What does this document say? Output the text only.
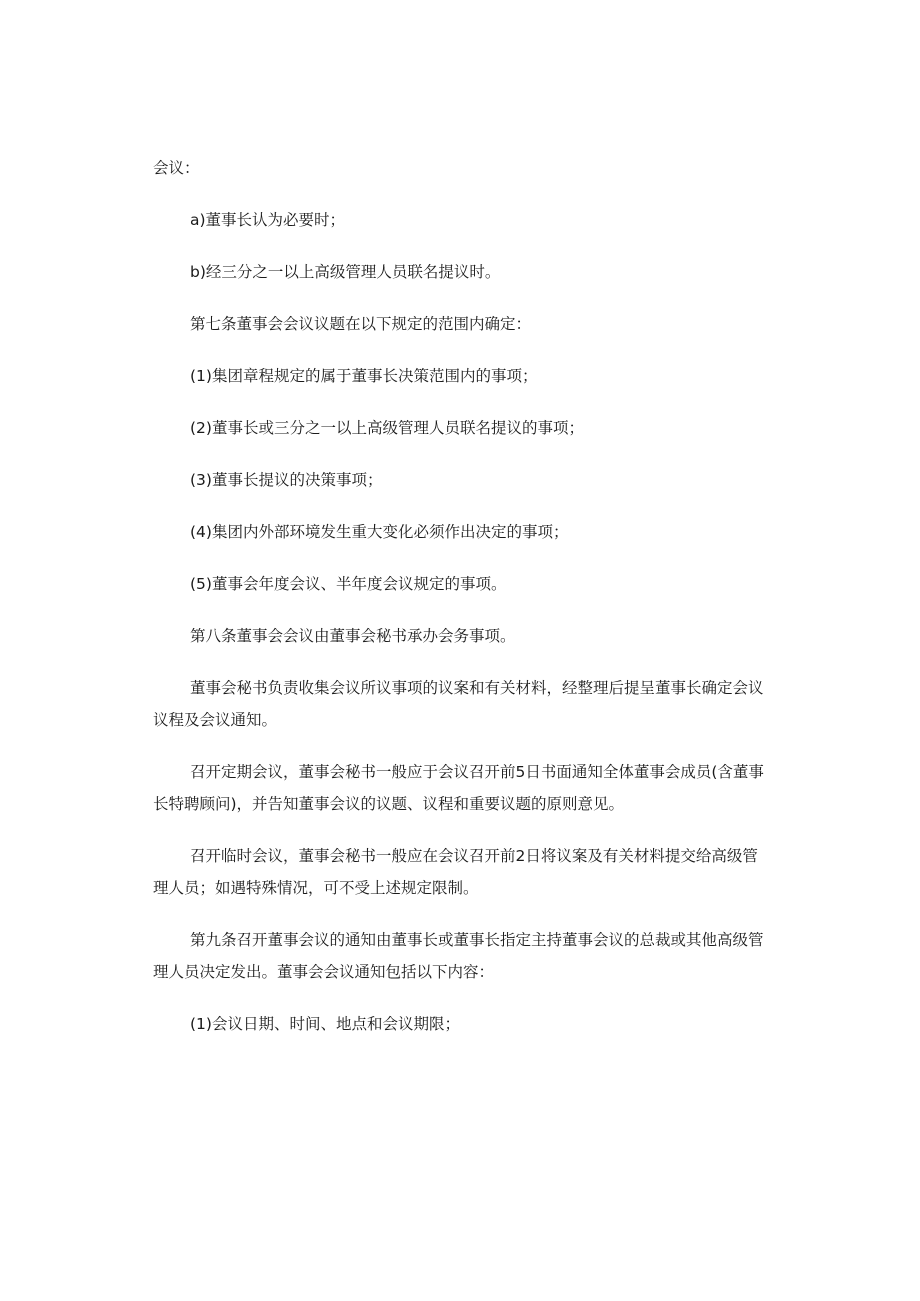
会议：

a)董事长认为必要时；

b)经三分之一以上高级管理人员联名提议时。

第七条董事会会议议题在以下规定的范围内确定：

(1)集团章程规定的属于董事长决策范围内的事项；

(2)董事长或三分之一以上高级管理人员联名提议的事项；

(3)董事长提议的决策事项；

(4)集团内外部环境发生重大变化必须作出决定的事项；

(5)董事会年度会议、半年度会议规定的事项。

第八条董事会会议由董事会秘书承办会务事项。

董事会秘书负责收集会议所议事项的议案和有关材料，经整理后提呈董事长确定会议议程及会议通知。

召开定期会议，董事会秘书一般应于会议召开前5日书面通知全体董事会成员(含董事长特聘顾问)，并告知董事会议的议题、议程和重要议题的原则意见。

召开临时会议，董事会秘书一般应在会议召开前2日将议案及有关材料提交给高级管理人员；如遇特殊情况，可不受上述规定限制。

第九条召开董事会议的通知由董事长或董事长指定主持董事会议的总裁或其他高级管理人员决定发出。董事会会议通知包括以下内容：

(1)会议日期、时间、地点和会议期限；
